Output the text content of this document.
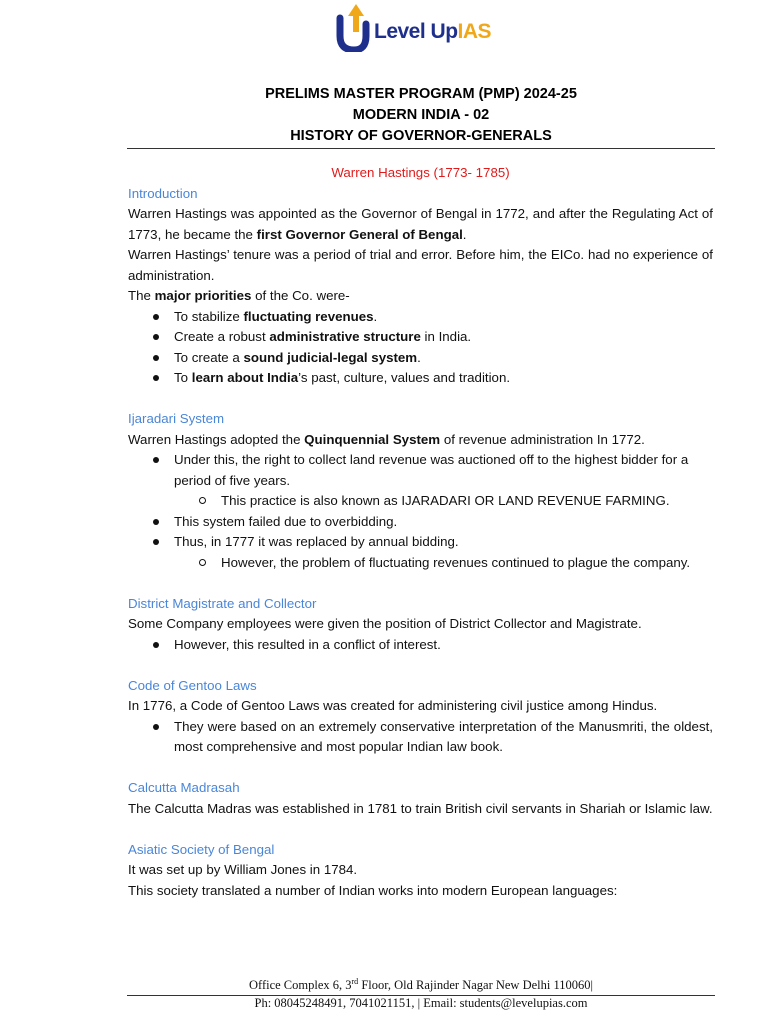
Level UpIAS
PRELIMS MASTER PROGRAM (PMP) 2024-25
MODERN INDIA - 02
HISTORY OF GOVERNOR-GENERALS
Warren Hastings (1773- 1785)
Introduction

Warren Hastings was appointed as the Governor of Bengal in 1772, and after the Regulating Act of 1773, he became the first Governor General of Bengal.

Warren Hastings’ tenure was a period of trial and error. Before him, the EICo. had no experience of administration.

The major priorities of the Co. were-

To stabilize fluctuating revenues.
Create a robust administrative structure in India.
To create a sound judicial-legal system.
To learn about India’s past, culture, values and tradition.
Ijaradari System

Warren Hastings adopted the Quinquennial System of revenue administration In 1772.

Under this, the right to collect land revenue was auctioned off to the highest bidder for a period of five years.
This practice is also known as IJARADARI OR LAND REVENUE FARMING.
This system failed due to overbidding.
Thus, in 1777 it was replaced by annual bidding.
However, the problem of fluctuating revenues continued to plague the company.
District Magistrate and Collector

Some Company employees were given the position of District Collector and Magistrate.

However, this resulted in a conflict of interest.
Code of Gentoo Laws

In 1776, a Code of Gentoo Laws was created for administering civil justice among Hindus.

They were based on an extremely conservative interpretation of the Manusmriti, the oldest, most comprehensive and most popular Indian law book.
Calcutta Madrasah

The Calcutta Madras was established in 1781 to train British civil servants in Shariah or Islamic law.

Asiatic Society of Bengal

It was set up by William Jones in 1784.

This society translated a number of Indian works into modern European languages:

Office Complex 6, 3rd Floor, Old Rajinder Nagar New Delhi 110060|
Ph: 08045248491, 7041021151, | Email: students@levelupias.com
